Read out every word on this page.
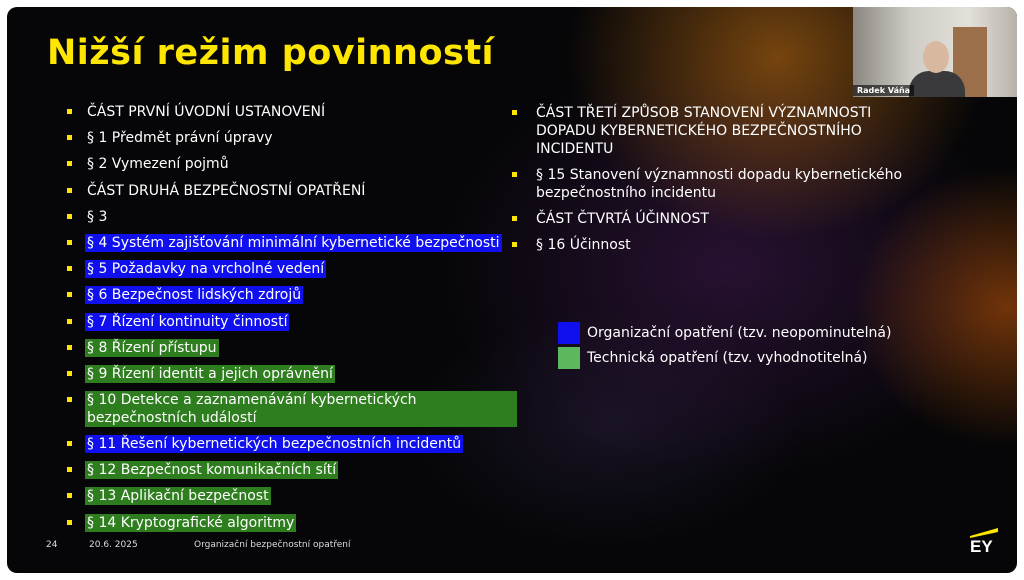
Nižší režim povinností
ČÁST PRVNÍ ÚVODNÍ USTANOVENÍ
§ 1 Předmět právní úpravy
§ 2 Vymezení pojmů
ČÁST DRUHÁ BEZPEČNOSTNÍ OPATŘENÍ
§ 3
§ 4 Systém zajišťování minimální kybernetické bezpečnosti
§ 5 Požadavky na vrcholné vedení
§ 6 Bezpečnost lidských zdrojů
§ 7 Řízení kontinuity činností
§ 8 Řízení přístupu
§ 9 Řízení identit a jejich oprávnění
§ 10 Detekce a zaznamenávání kybernetických bezpečnostních událostí
§ 11 Řešení kybernetických bezpečnostních incidentů
§ 12 Bezpečnost komunikačních sítí
§ 13 Aplikační bezpečnost
§ 14 Kryptografické algoritmy
ČÁST TŘETÍ ZPŮSOB STANOVENÍ VÝZNAMNOSTI DOPADU KYBERNETICKÉHO BEZPEČNOSTNÍHO INCIDENTU
§ 15 Stanovení významnosti dopadu kybernetického bezpečnostního incidentu
ČÁST ČTVRTÁ ÚČINNOST
§ 16 Účinnost
Organizační opatření (tzv. neopominutelná)
Technická opatření (tzv. vyhodnotitelná)
Radek Váňa
24	20.6. 2025	Organizační bezpečnostní opatření	EY
